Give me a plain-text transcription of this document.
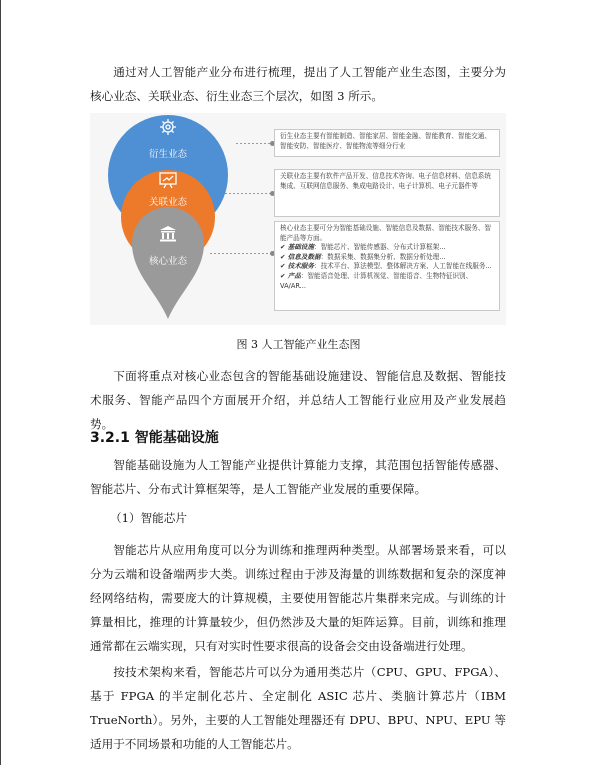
通过对人工智能产业分布进行梳理，提出了人工智能产业生态图，主要分为核心业态、关联业态、衍生业态三个层次，如图 3 所示。

衍生业态
关联业态
核心业态
衍生业态主要有智能制造、智能家居、智能金融、智能教育、智能交通、智能安防、智能医疗、智能物流等细分行业
关联业态主要有软件产品开发、信息技术咨询、电子信息材料、信息系统集成、互联网信息服务、集成电路设计、电子计算机、电子元器件等
核心业态主要可分为智能基础设施、智能信息及数据、智能技术服务、智能产品等方面。
✔ 基础设施：智能芯片、智能传感器、分布式计算框架...
✔ 信息及数据：数据采集、数据集分析、数据分析处理...
✔ 技术服务：技术平台、算法模型、整体解决方案、人工智能在线服务...
✔ 产品：智能语音处理、计算机视觉、智能语音、生物特征识别、VA/AR...
图 3 人工智能产业生态图

下面将重点对核心业态包含的智能基础设施建设、智能信息及数据、智能技术服务、智能产品四个方面展开介绍，并总结人工智能行业应用及产业发展趋势。

3.2.1 智能基础设施

智能基础设施为人工智能产业提供计算能力支撑，其范围包括智能传感器、智能芯片、分布式计算框架等，是人工智能产业发展的重要保障。

（1）智能芯片

智能芯片从应用角度可以分为训练和推理两种类型。从部署场景来看，可以分为云端和设备端两步大类。训练过程由于涉及海量的训练数据和复杂的深度神经网络结构，需要庞大的计算规模，主要使用智能芯片集群来完成。与训练的计算量相比，推理的计算量较少，但仍然涉及大量的矩阵运算。目前，训练和推理通常都在云端实现，只有对实时性要求很高的设备会交由设备端进行处理。

按技术架构来看，智能芯片可以分为通用类芯片（CPU、GPU、FPGA）、基于 FPGA 的半定制化芯片、全定制化 ASIC 芯片、类脑计算芯片（IBM TrueNorth）。另外，主要的人工智能处理器还有 DPU、BPU、NPU、EPU 等适用于不同场景和功能的人工智能芯片。
